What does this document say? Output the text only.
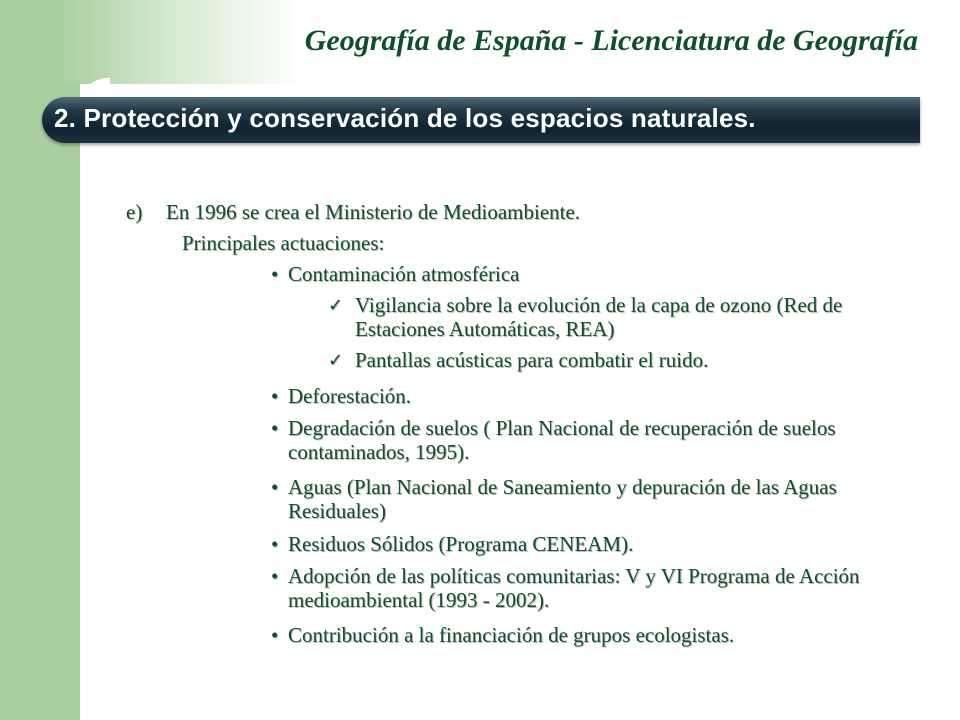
Geografía de España - Licenciatura de Geografía
2. Protección y conservación de los espacios naturales.
e) En 1996 se crea el Ministerio de Medioambiente.
Principales actuaciones:
• Contaminación atmosférica
✓ Vigilancia sobre la evolución de la capa de ozono (Red de Estaciones Automáticas, REA)
✓ Pantallas acústicas para combatir el ruido.
• Deforestación.
• Degradación de suelos ( Plan Nacional de recuperación de suelos contaminados, 1995).
• Aguas (Plan Nacional de Saneamiento y depuración de las Aguas Residuales)
• Residuos Sólidos (Programa CENEAM).
• Adopción de las políticas comunitarias: V y VI Programa de Acción medioambiental (1993 - 2002).
• Contribución a la financiación de grupos ecologistas.
